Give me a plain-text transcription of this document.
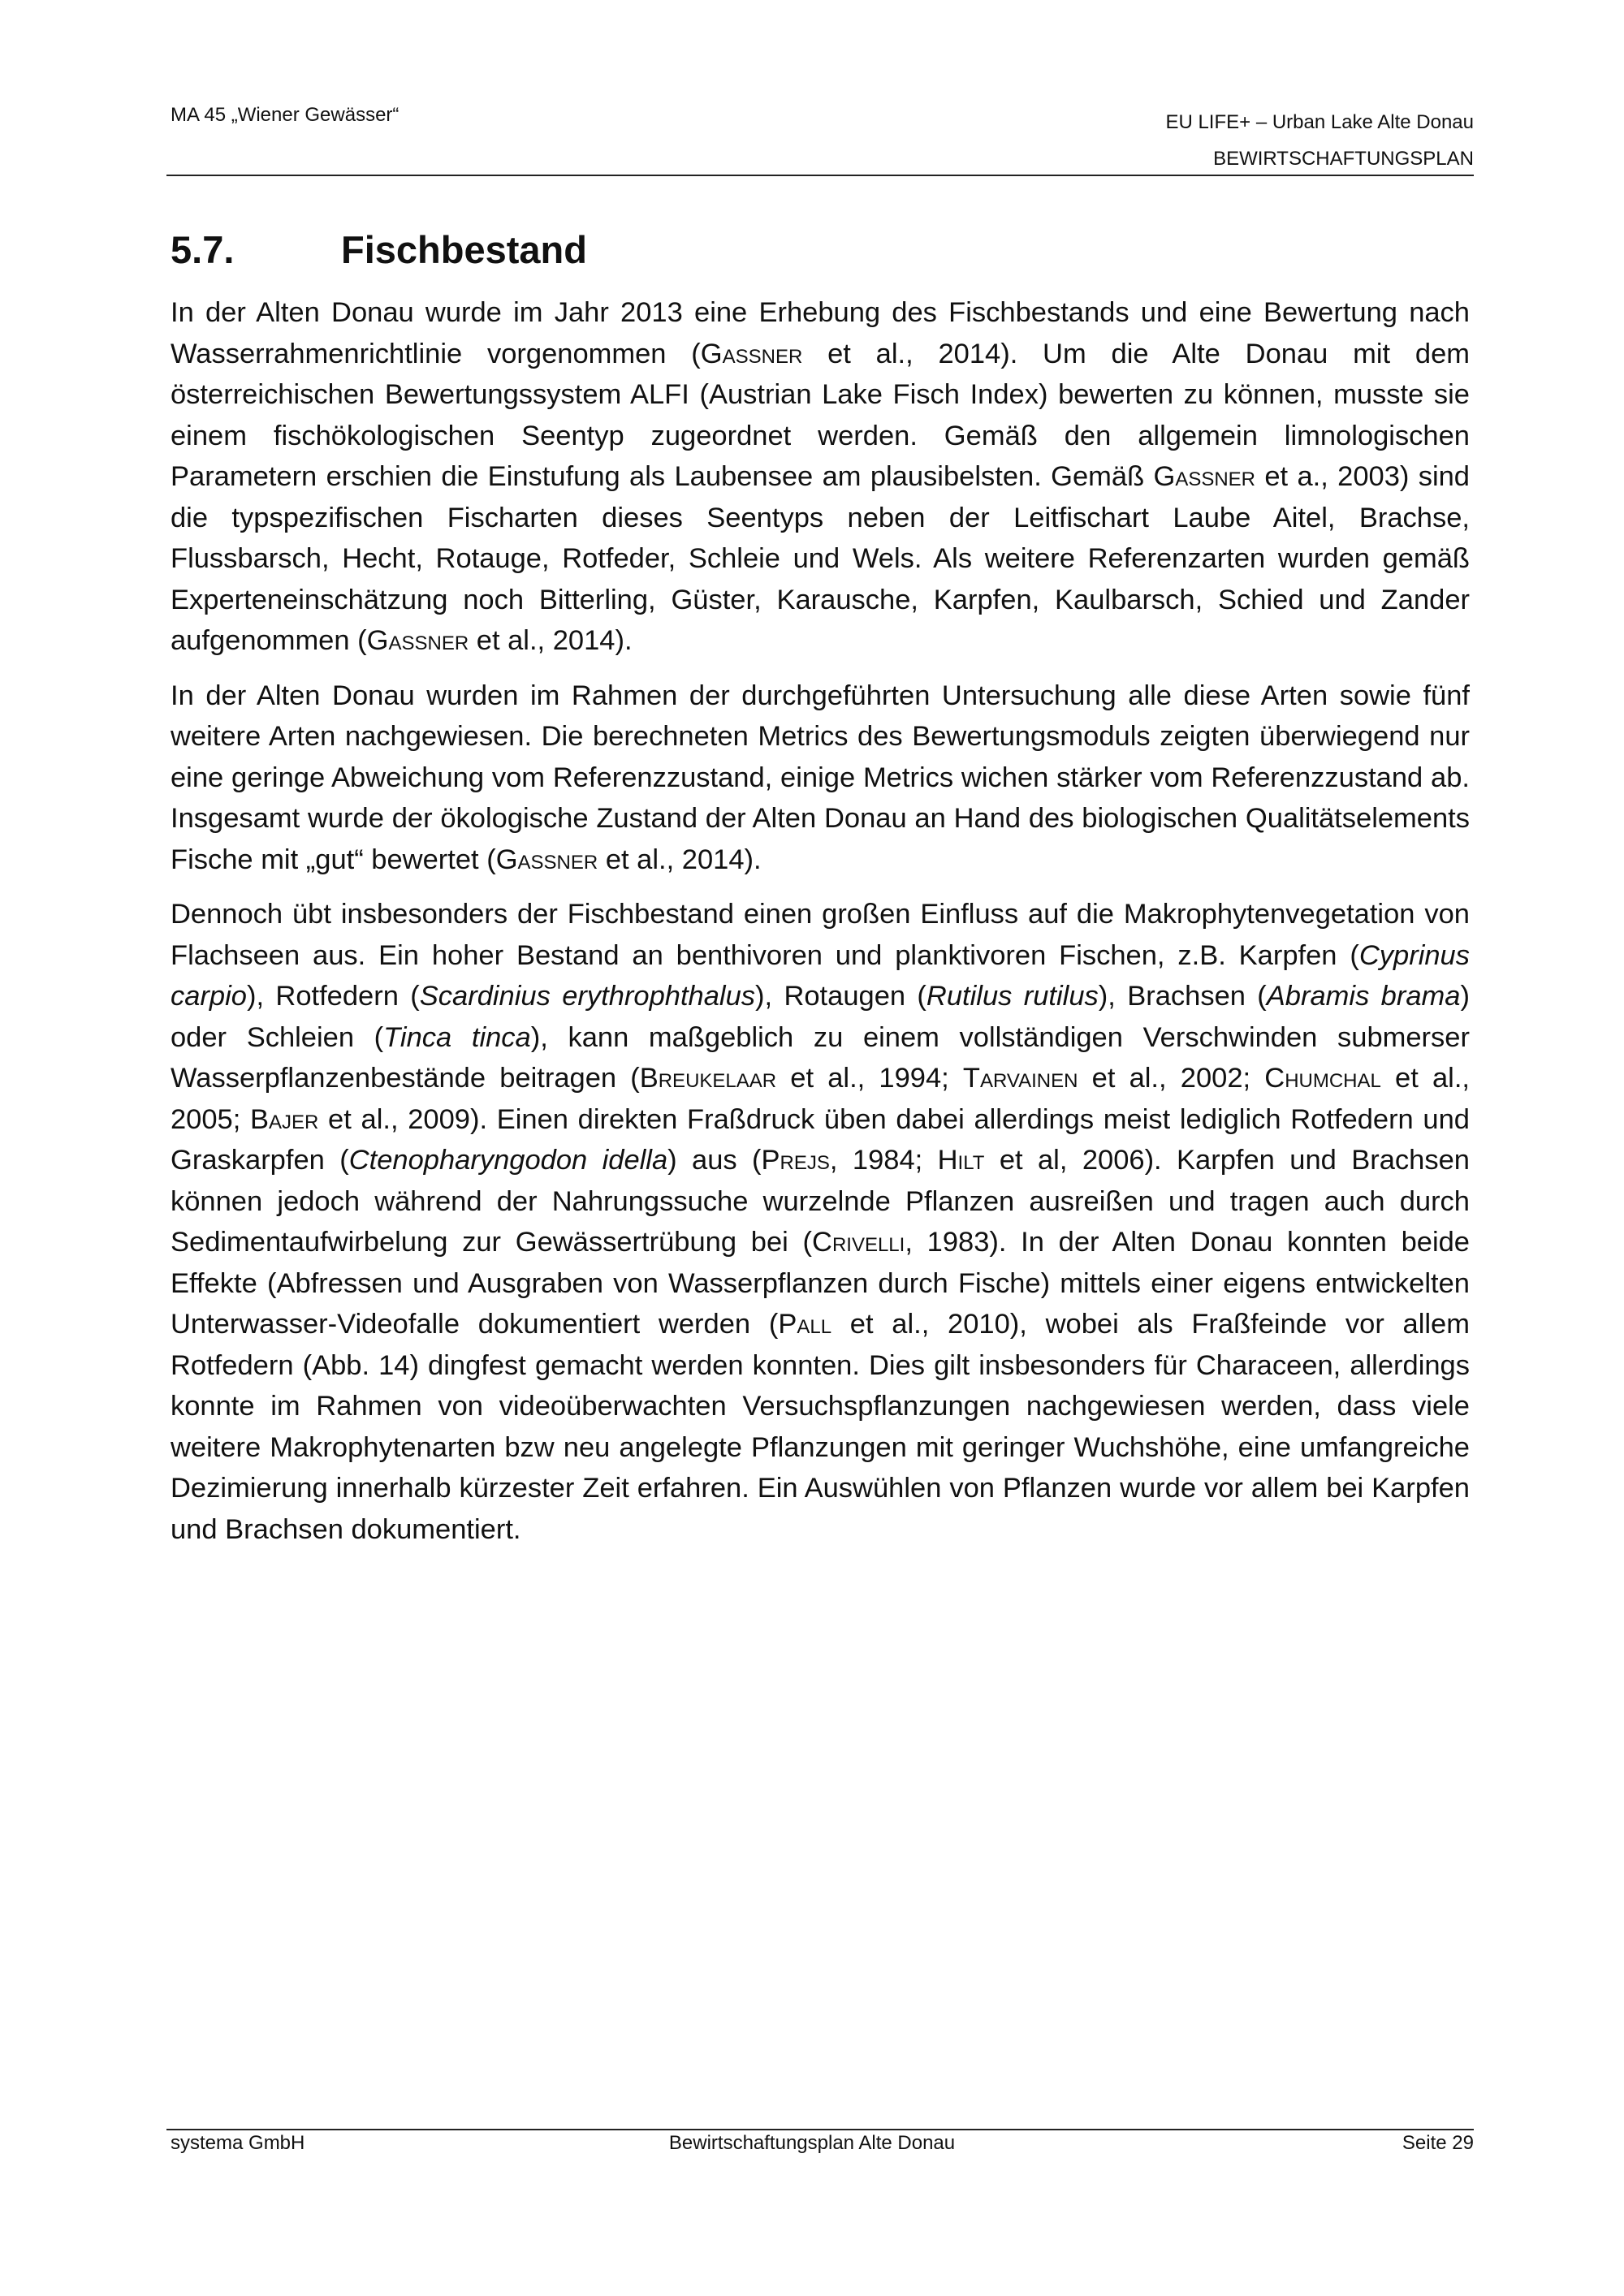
MA 45 „Wiener Gewässer“	EU LIFE+ – Urban Lake Alte Donau
BEWIRTSCHAFTUNGSPLAN
5.7.	Fischbestand

In der Alten Donau wurde im Jahr 2013 eine Erhebung des Fischbestands und eine Bewertung nach Wasserrahmenrichtlinie vorgenommen (Gassner et al., 2014). Um die Alte Donau mit dem österreichischen Bewertungssystem ALFI (Austrian Lake Fisch Index) bewerten zu können, musste sie einem fischökologischen Seentyp zugeordnet werden. Gemäß den allgemein limnologischen Parametern erschien die Einstufung als Laubensee am plausibelsten. Gemäß Gassner et a., 2003) sind die typspezifischen Fischarten dieses Seentyps neben der Leitfischart Laube Aitel, Brachse, Flussbarsch, Hecht, Rotauge, Rotfeder, Schleie und Wels. Als weitere Referenzarten wurden gemäß Experteneinschätzung noch Bitterling, Güster, Karausche, Karpfen, Kaulbarsch, Schied und Zander aufgenommen (Gassner et al., 2014).

In der Alten Donau wurden im Rahmen der durchgeführten Untersuchung alle diese Arten sowie fünf weitere Arten nachgewiesen. Die berechneten Metrics des Bewertungsmoduls zeigten überwiegend nur eine geringe Abweichung vom Referenzzustand, einige Metrics wichen stärker vom Referenzzustand ab. Insgesamt wurde der ökologische Zustand der Alten Donau an Hand des biologischen Qualitätselements Fische mit „gut“ bewertet (Gassner et al., 2014).

Dennoch übt insbesonders der Fischbestand einen großen Einfluss auf die Makrophytenvegetation von Flachseen aus. Ein hoher Bestand an benthivoren und planktivoren Fischen, z.B. Karpfen (Cyprinus carpio), Rotfedern (Scardinius erythrophthalus), Rotaugen (Rutilus rutilus), Brachsen (Abramis brama) oder Schleien (Tinca tinca), kann maßgeblich zu einem vollständigen Verschwinden submerser Wasserpflanzenbestände beitragen (Breukelaar et al., 1994; Tarvainen et al., 2002; Chumchal et al., 2005; Bajer et al., 2009). Einen direkten Fraßdruck üben dabei allerdings meist lediglich Rotfedern und Graskarpfen (Ctenopharyngodon idella) aus (Prejs, 1984; Hilt et al, 2006). Karpfen und Brachsen können jedoch während der Nahrungssuche wurzelnde Pflanzen ausreißen und tragen auch durch Sedimentaufwirbelung zur Gewässertrübung bei (Crivelli, 1983). In der Alten Donau konnten beide Effekte (Abfressen und Ausgraben von Wasserpflanzen durch Fische) mittels einer eigens entwickelten Unterwasser-Videofalle dokumentiert werden (Pall et al., 2010), wobei als Fraßfeinde vor allem Rotfedern (Abb. 14) dingfest gemacht werden konnten. Dies gilt insbesonders für Characeen, allerdings konnte im Rahmen von videoüberwachten Versuchspflanzungen nachgewiesen werden, dass viele weitere Makrophytenarten bzw neu angelegte Pflanzungen mit geringer Wuchshöhe, eine umfangreiche Dezimierung innerhalb kürzester Zeit erfahren. Ein Auswühlen von Pflanzen wurde vor allem bei Karpfen und Brachsen dokumentiert.

systema GmbH	Bewirtschaftungsplan Alte Donau	Seite 29
